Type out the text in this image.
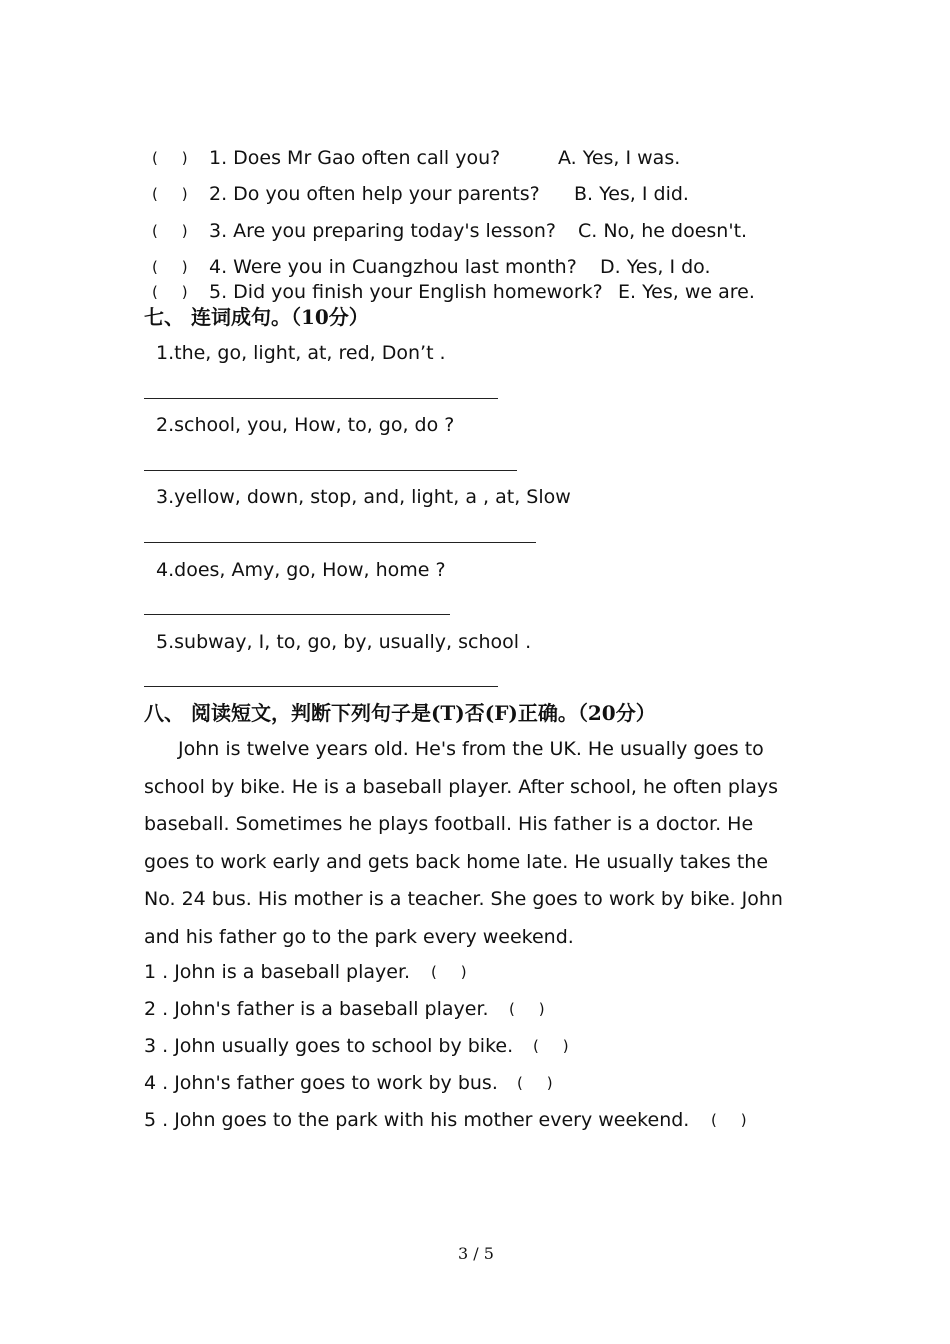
(     ) 1. Does Mr Gao often call you?	A. Yes, I was.
(     ) 2. Do you often help your parents? B. Yes, I did.
(     ) 3. Are you preparing today's lesson? C. No, he doesn't.
(     ) 4. Were you in Cuangzhou last month? D. Yes, I do.
(     ) 5. Did you finish your English homework? E. Yes, we are.
七、 连词成句。（10分）
1.the, go, light, at, red, Don’t .
2.school, you, How, to, go, do ?
3.yellow, down, stop, and, light, a , at, Slow
4.does, Amy, go, How, home ?
5.subway, I, to, go, by, usually, school .
八、 阅读短文，判断下列句子是(T)否(F)正确。（20分）
John is twelve years old. He's from the UK. He usually goes to school by bike. He is a baseball player. After school, he often plays baseball. Sometimes he plays football. His father is a doctor. He goes to work early and gets back home late. He usually takes the No. 24 bus. His mother is a teacher. She goes to work by bike. John and his father go to the park every weekend.
1 . John is a baseball player. (     )
2 . John's father is a baseball player. (     )
3 . John usually goes to school by bike. (     )
4 . John's father goes to work by bus. (     )
5 . John goes to the park with his mother every weekend. (     )
3 / 5
